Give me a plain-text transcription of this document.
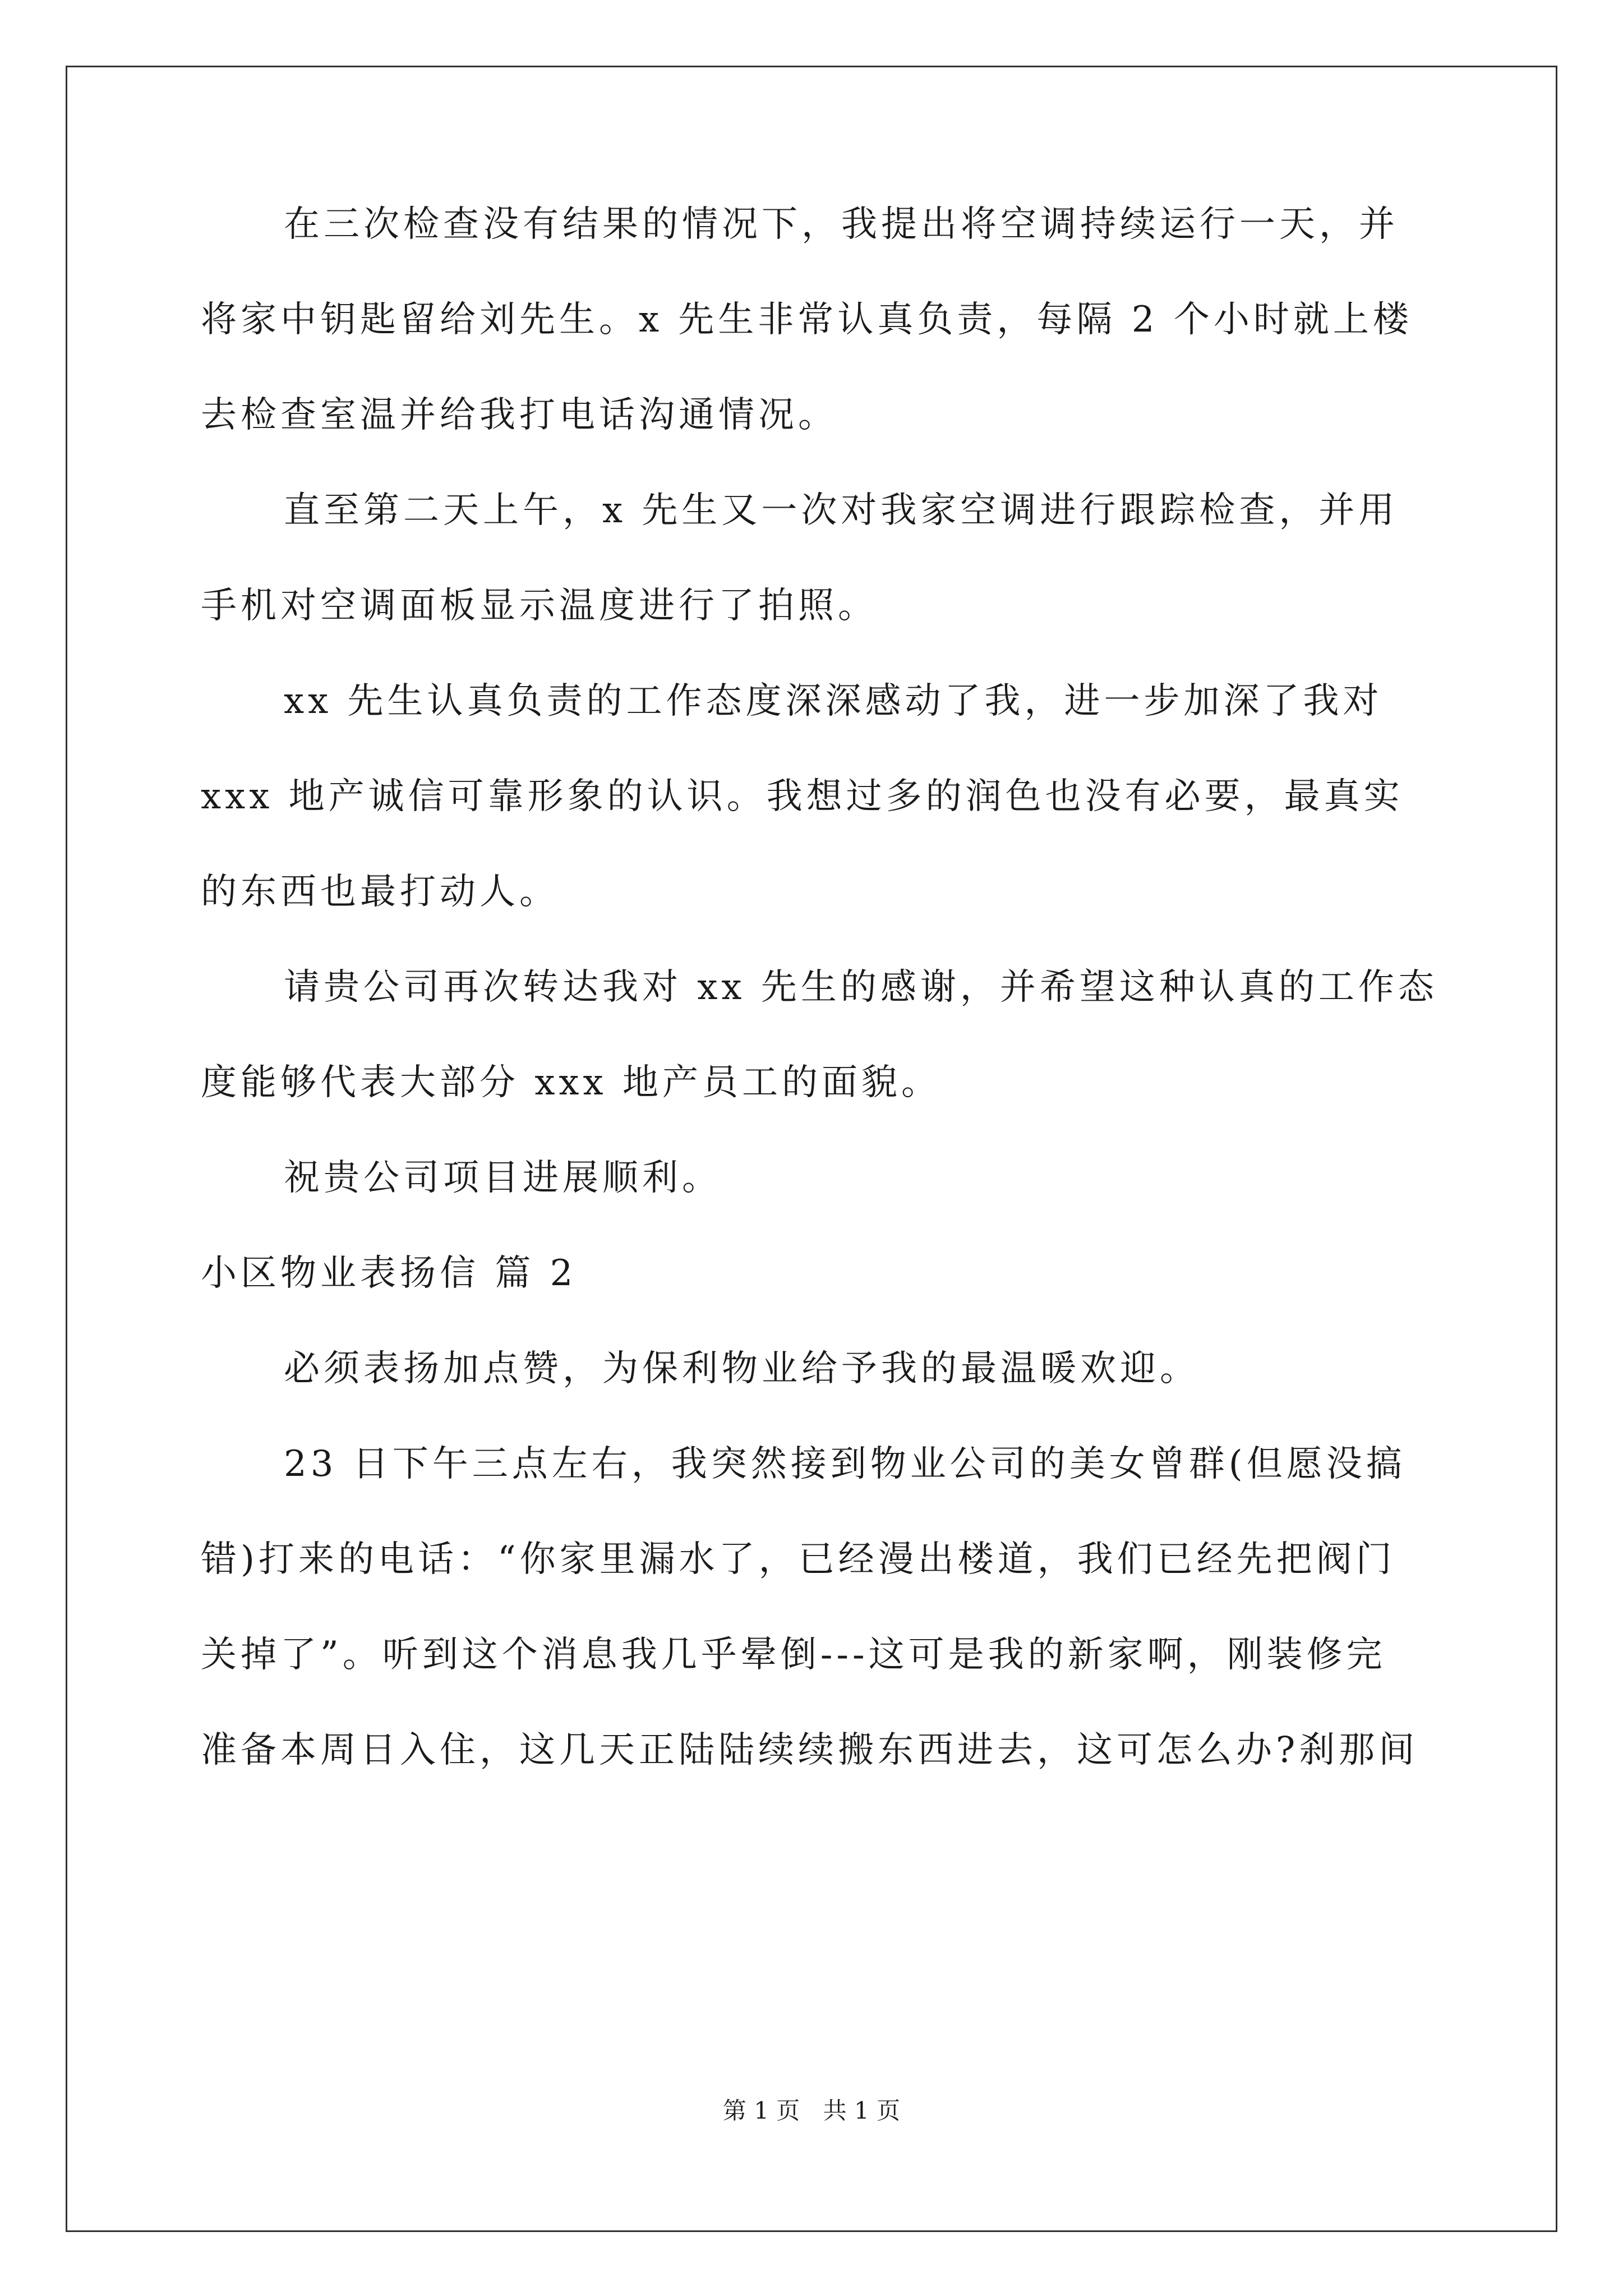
在三次检查没有结果的情况下，我提出将空调持续运行一天，并
将家中钥匙留给刘先生。x 先生非常认真负责，每隔 2 个小时就上楼
去检查室温并给我打电话沟通情况。
直至第二天上午，x 先生又一次对我家空调进行跟踪检查，并用
手机对空调面板显示温度进行了拍照。
xx 先生认真负责的工作态度深深感动了我，进一步加深了我对
xxx 地产诚信可靠形象的认识。我想过多的润色也没有必要，最真实
的东西也最打动人。
请贵公司再次转达我对 xx 先生的感谢，并希望这种认真的工作态
度能够代表大部分 xxx 地产员工的面貌。
祝贵公司项目进展顺利。
小区物业表扬信 篇 2
必须表扬加点赞，为保利物业给予我的最温暖欢迎。
23 日下午三点左右，我突然接到物业公司的美女曾群(但愿没搞
错)打来的电话：“你家里漏水了，已经漫出楼道，我们已经先把阀门
关掉了”。听到这个消息我几乎晕倒---这可是我的新家啊，刚装修完
准备本周日入住，这几天正陆陆续续搬东西进去，这可怎么办?刹那间
第 1 页 共 1 页
